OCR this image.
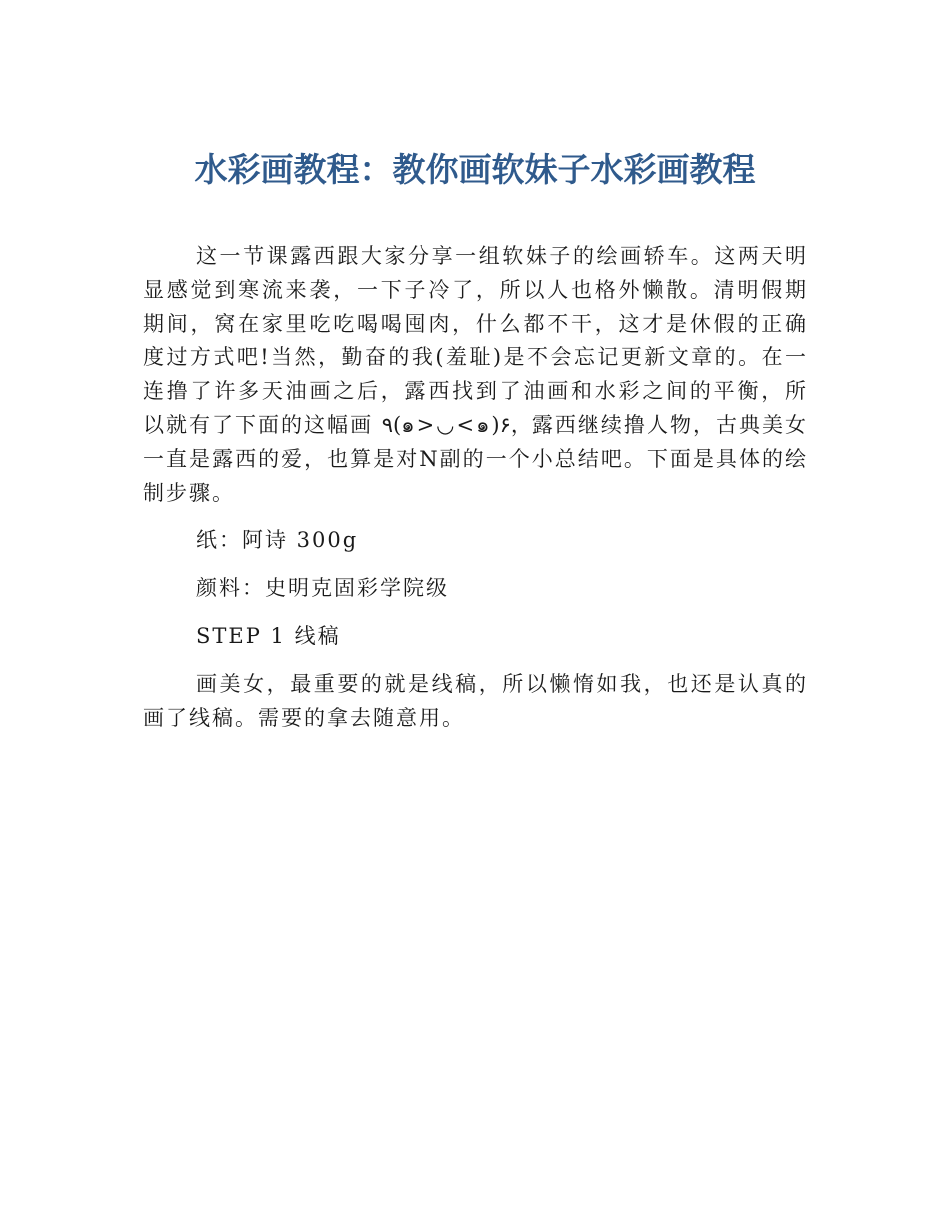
水彩画教程：教你画软妹子水彩画教程

这一节课露西跟大家分享一组软妹子的绘画轿车。这两天明显感觉到寒流来袭，一下子冷了，所以人也格外懒散。清明假期期间，窝在家里吃吃喝喝囤肉，什么都不干，这才是休假的正确度过方式吧!当然，勤奋的我(羞耻)是不会忘记更新文章的。在一连撸了许多天油画之后，露西找到了油画和水彩之间的平衡，所以就有了下面的这幅画 ٩(๑>◡<๑)۶，露西继续撸人物，古典美女一直是露西的爱，也算是对N副的一个小总结吧。下面是具体的绘制步骤。

纸：阿诗 300g

颜料：史明克固彩学院级

STEP 1 线稿

画美女，最重要的就是线稿，所以懒惰如我，也还是认真的画了线稿。需要的拿去随意用。
